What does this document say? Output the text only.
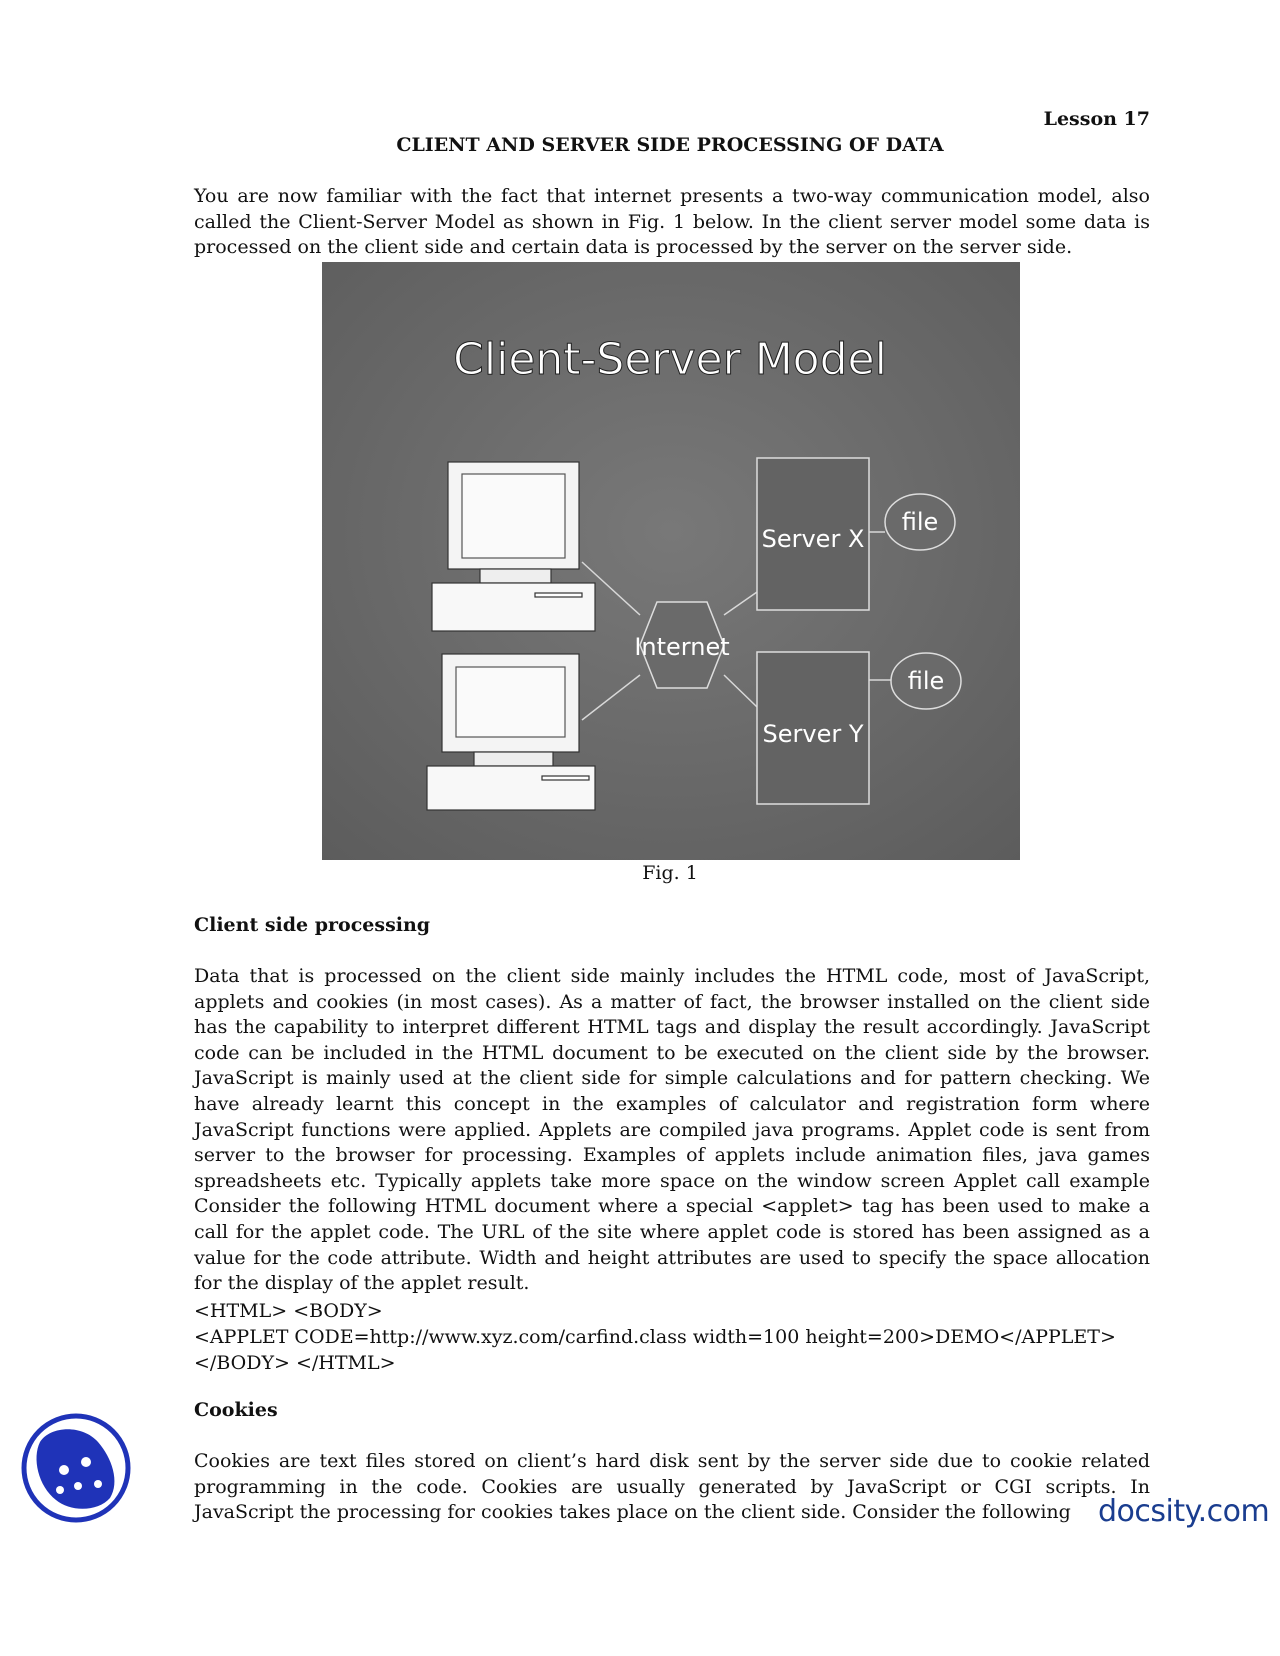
Lesson 17
CLIENT AND SERVER SIDE PROCESSING OF DATA

You are now familiar with the fact that internet presents a two-way communication model, also called the Client-Server Model as shown in Fig. 1 below. In the client server model some data is processed on the client side and certain data is processed by the server on the server side.

Client-Server Model
Internet
Server X
Server Y
file
file
Fig. 1
Client side processing

Data that is processed on the client side mainly includes the HTML code, most of JavaScript, applets and cookies (in most cases). As a matter of fact, the browser installed on the client side has the capability to interpret different HTML tags and display the result accordingly. JavaScript code can be included in the HTML document to be executed on the client side by the browser. JavaScript is mainly used at the client side for simple calculations and for pattern checking. We have already learnt this concept in the examples of calculator and registration form where JavaScript functions were applied. Applets are compiled java programs. Applet code is sent from server to the browser for processing. Examples of applets include animation files, java games spreadsheets etc. Typically applets take more space on the window screen Applet call example Consider the following HTML document where a special <applet> tag has been used to make a call for the applet code. The URL of the site where applet code is stored has been assigned as a value for the code attribute. Width and height attributes are used to specify the space allocation for the display of the applet result.

<HTML> <BODY>
<APPLET CODE=http://www.xyz.com/carfind.class width=100 height=200>DEMO</APPLET>
</BODY> </HTML>
Cookies

Cookies are text files stored on client’s hard disk sent by the server side due to cookie related programming in the code. Cookies are usually generated by JavaScript or CGI scripts. In JavaScript the processing for cookies takes place on the client side. Consider the following docsity.com
